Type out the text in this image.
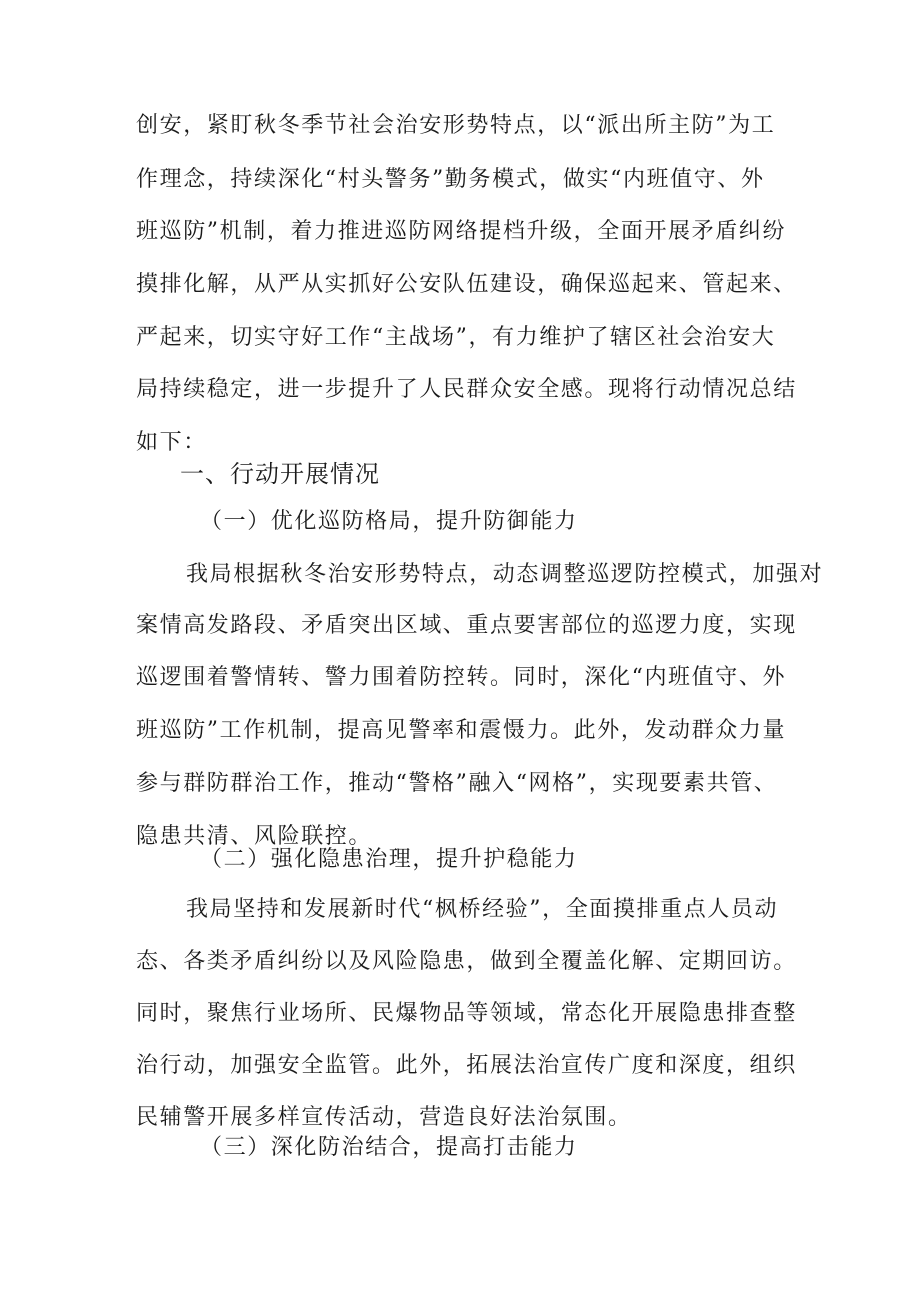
创安，紧盯秋冬季节社会治安形势特点，以“派出所主防”为工
作理念，持续深化“村头警务”勤务模式，做实“内班值守、外
班巡防”机制，着力推进巡防网络提档升级，全面开展矛盾纠纷
摸排化解，从严从实抓好公安队伍建设，确保巡起来、管起来、
严起来，切实守好工作“主战场”，有力维护了辖区社会治安大
局持续稳定，进一步提升了人民群众安全感。现将行动情况总结
如下：
一、行动开展情况
（一）优化巡防格局，提升防御能力
我局根据秋冬治安形势特点，动态调整巡逻防控模式，加强对
案情高发路段、矛盾突出区域、重点要害部位的巡逻力度，实现
巡逻围着警情转、警力围着防控转。同时，深化“内班值守、外
班巡防”工作机制，提高见警率和震慑力。此外，发动群众力量
参与群防群治工作，推动“警格”融入“网格”，实现要素共管、
隐患共清、风险联控。
（二）强化隐患治理，提升护稳能力
我局坚持和发展新时代“枫桥经验”，全面摸排重点人员动
态、各类矛盾纠纷以及风险隐患，做到全覆盖化解、定期回访。
同时，聚焦行业场所、民爆物品等领域，常态化开展隐患排查整
治行动，加强安全监管。此外，拓展法治宣传广度和深度，组织
民辅警开展多样宣传活动，营造良好法治氛围。
（三）深化防治结合，提高打击能力
